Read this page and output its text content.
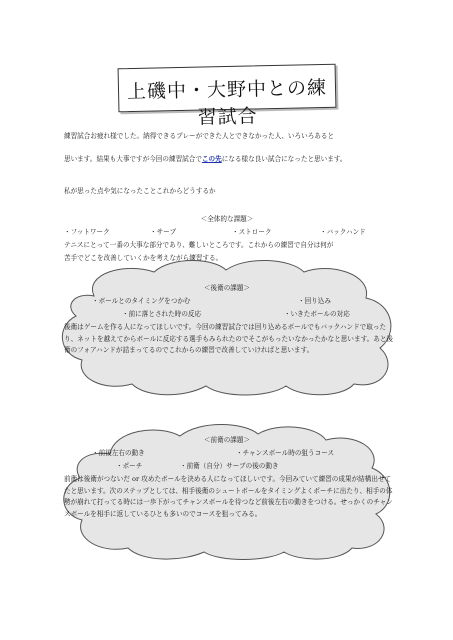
上磯中・大野中との練習試合
練習試合お疲れ様でした。納得できるプレーができた人とできなかった人、いろいろあると
思います。結果も大事ですが今回の練習試合でこの先になる様な良い試合になったと思います。
私が思った点や気になったことこれからどうするか
＜全体的な課題＞
・フットワーク	・サーブ	・ストローク	・バックハンド
テニスにとって一番の大事な部分であり、難しいところです。これからの練習で自分は何が
苦手でどこを改善していくかを考えながら練習する。
＜後衛の課題＞
・ボールとのタイミングをつかむ	・回り込み
・前に落とされた時の反応	・いきたボールの対応
後衛はゲームを作る人になってほしいです。今回の練習試合では回り込めるボールでもバックハンドで取ったり、ネットを越えてからボールに反応する選手もみられたのでそこがもったいなかったかなと思います。あと後衛のフォアハンドが詰まってるのでこれからの練習で改善していければと思います。
＜前衛の課題＞
・前後左右の動き	・チャンスボール時の狙うコース
・ポーチ	・前衛（自分）サーブの後の動き
前衛は後衛がつないだ or 攻めたボールを決める人になってほしいです。今回みていて練習の成果が結構出せてたと思います。次のステップとしては、相手後衛のシュートボールをタイミングよくポーチに出たり、相手の体勢が崩れて打ってる時には一歩下がってチャンスボールを待つなど前後左右の動きをつける。せっかくのチャンスボールを相手に返しているひとも多いのでコースを狙ってみる。
